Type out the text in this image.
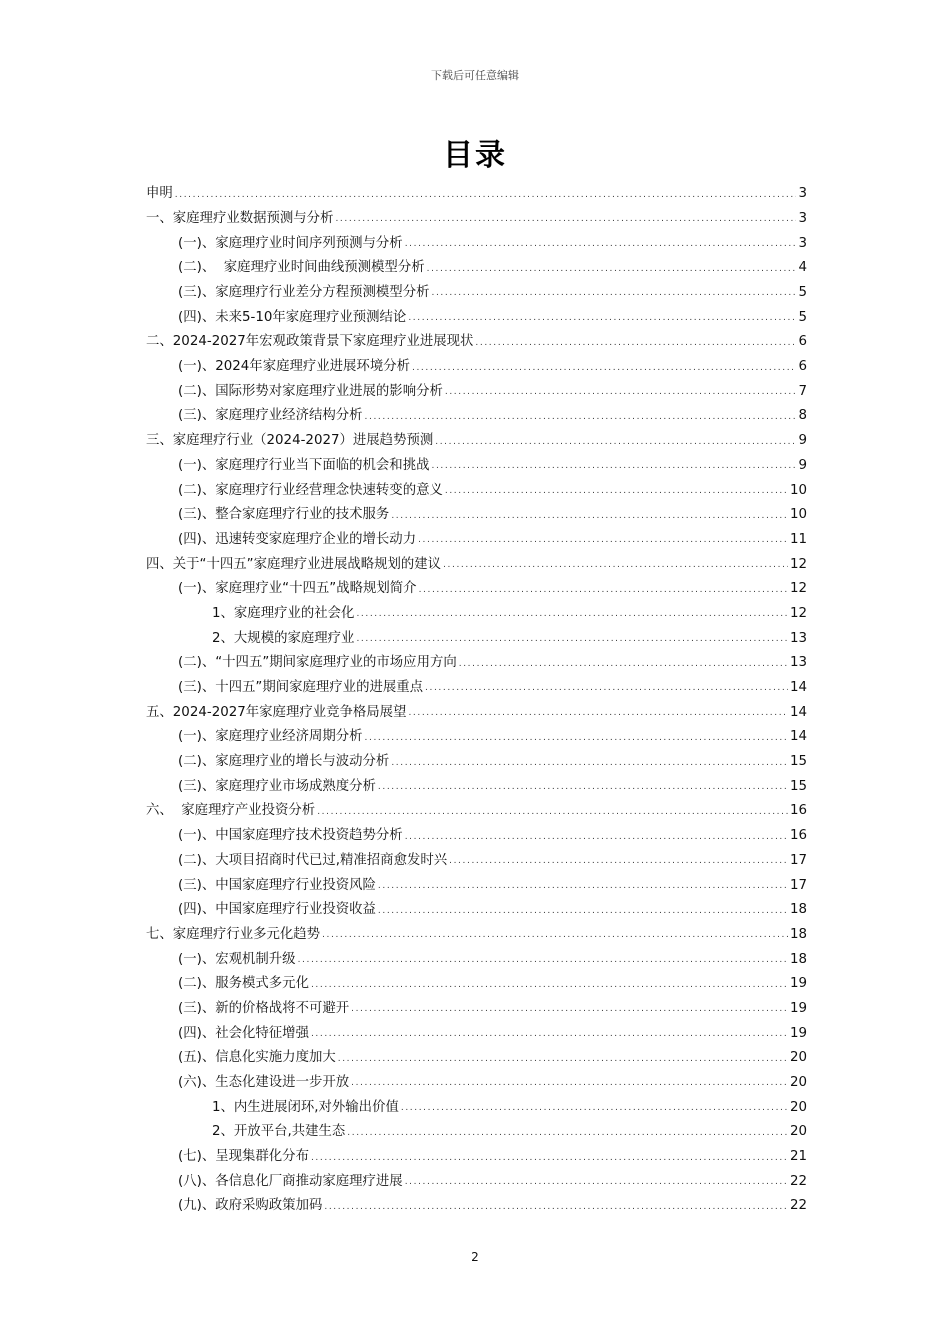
下载后可任意编辑
目录
申明 .....	3
一、家庭理疗业数据预测与分析 .....	3
(一)、家庭理疗业时间序列预测与分析 .....	3
(二)、  家庭理疗业时间曲线预测模型分析 .....	4
(三)、家庭理疗行业差分方程预测模型分析 .....	5
(四)、未来5-10年家庭理疗业预测结论 .....	5
二、2024-2027年宏观政策背景下家庭理疗业进展现状 .....	6
(一)、2024年家庭理疗业进展环境分析 .....	6
(二)、国际形势对家庭理疗业进展的影响分析 .....	7
(三)、家庭理疗业经济结构分析 .....	8
三、家庭理疗行业（2024-2027）进展趋势预测 .....	9
(一)、家庭理疗行业当下面临的机会和挑战 .....	9
(二)、家庭理疗行业经营理念快速转变的意义 .....	10
(三)、整合家庭理疗行业的技术服务 .....	10
(四)、迅速转变家庭理疗企业的增长动力 .....	11
四、关于“十四五”家庭理疗业进展战略规划的建议 .....	12
(一)、家庭理疗业“十四五”战略规划简介 .....	12
1、家庭理疗业的社会化 .....	12
2、大规模的家庭理疗业 .....	13
(二)、“十四五”期间家庭理疗业的市场应用方向 .....	13
(三)、十四五”期间家庭理疗业的进展重点 .....	14
五、2024-2027年家庭理疗业竞争格局展望 .....	14
(一)、家庭理疗业经济周期分析 .....	14
(二)、家庭理疗业的增长与波动分析 .....	15
(三)、家庭理疗业市场成熟度分析 .....	15
六、  家庭理疗产业投资分析 .....	16
(一)、中国家庭理疗技术投资趋势分析 .....	16
(二)、大项目招商时代已过,精准招商愈发时兴 .....	17
(三)、中国家庭理疗行业投资风险 .....	17
(四)、中国家庭理疗行业投资收益 .....	18
七、家庭理疗行业多元化趋势 .....	18
(一)、宏观机制升级 .....	18
(二)、服务模式多元化 .....	19
(三)、新的价格战将不可避开 .....	19
(四)、社会化特征增强 .....	19
(五)、信息化实施力度加大 .....	20
(六)、生态化建设进一步开放 .....	20
1、内生进展闭环,对外输出价值 .....	20
2、开放平台,共建生态 .....	20
(七)、呈现集群化分布 .....	21
(八)、各信息化厂商推动家庭理疗进展 .....	22
(九)、政府采购政策加码 .....	22
2
